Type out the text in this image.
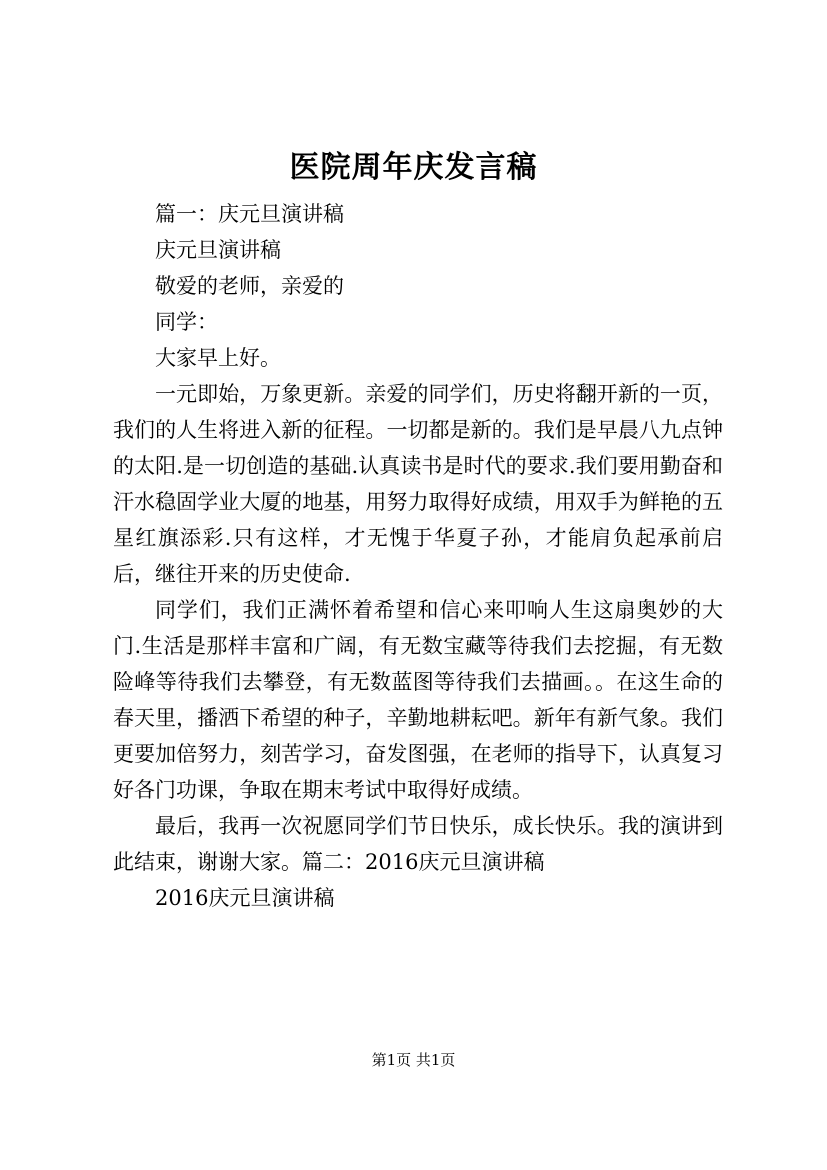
医院周年庆发言稿

篇一：庆元旦演讲稿

庆元旦演讲稿

敬爱的老师，亲爱的

同学：

大家早上好。

一元即始，万象更新。亲爱的同学们，历史将翻开新的一页，我们的人生将进入新的征程。一切都是新的。我们是早晨八九点钟的太阳.是一切创造的基础.认真读书是时代的要求.我们要用勤奋和汗水稳固学业大厦的地基，用努力取得好成绩，用双手为鲜艳的五星红旗添彩.只有这样，才无愧于华夏子孙，才能肩负起承前启后，继往开来的历史使命.

同学们，我们正满怀着希望和信心来叩响人生这扇奥妙的大门.生活是那样丰富和广阔，有无数宝藏等待我们去挖掘，有无数险峰等待我们去攀登，有无数蓝图等待我们去描画。。在这生命的春天里，播洒下希望的种子，辛勤地耕耘吧。新年有新气象。我们更要加倍努力，刻苦学习，奋发图强，在老师的指导下，认真复习好各门功课，争取在期末考试中取得好成绩。

最后，我再一次祝愿同学们节日快乐，成长快乐。我的演讲到此结束，谢谢大家。篇二：2016庆元旦演讲稿

2016庆元旦演讲稿

第1页 共1页
